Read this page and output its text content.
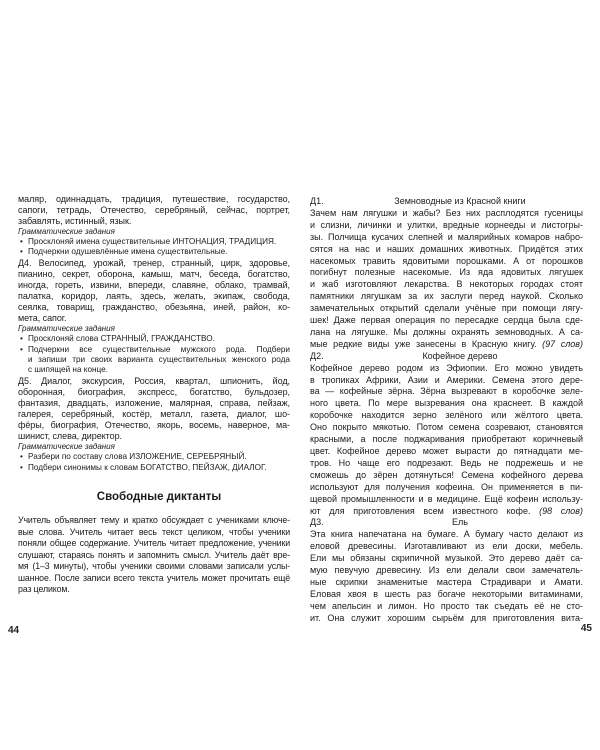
маляр, одиннадцать, традиция, путешествие, государство,
сапоги, тетрадь, Отечество, серебряный, сейчас, портрет,
забавлять, истинный, язык.
Грамматические задания
• Просклоняй имена существительные ИНТОНАЦИЯ, ТРАДИЦИЯ.
• Подчеркни одушевлённые имена существительные.
Д4. Велосипед, урожай, тренер, странный, цирк, здоровье,
пианино, секрет, оборона, камыш, матч, беседа, богатство,
иногда, гореть, извини, впереди, славяне, облако, трамвай,
палатка, коридор, лаять, здесь, желать, экипаж, свобода,
сеялка, товарищ, гражданство, обезьяна, иней, район, ко-
мета, сапог.
Грамматические задания
• Просклоняй слова СТРАННЫЙ, ГРАЖДАНСТВО.
• Подчеркни все существительные мужского рода. Подбери
и запиши три своих варианта существительных женского рода
с шипящей на конце.
Д5. Диалог, экскурсия, Россия, квартал, шпионить, йод,
оборонная, биография, экспресс, богатство, бульдозер,
фантазия, двадцать, изложение, малярная, справа, пейзаж,
галерея, серебряный, костёр, металл, газета, диалог, шо-
фёры, биография, Отечество, якорь, восемь, наверное, ма-
шинист, слева, директор.
Грамматические задания
• Разбери по составу слова ИЗЛОЖЕНИЕ, СЕРЕБРЯНЫЙ.
• Подбери синонимы к словам БОГАТСТВО, ПЕЙЗАЖ, ДИАЛОГ.
Свободные диктанты
Учитель объявляет тему и кратко обсуждает с учениками ключе-
вые слова. Учитель читает весь текст целиком, чтобы ученики
поняли общее содержание. Учитель читает предложение, ученики
слушают, стараясь понять и запомнить смысл. Учитель даёт вре-
мя (1–3 минуты), чтобы ученики своими словами записали услы-
шанное. После записи всего текста учитель может прочитать ещё
раз целиком.
44
Д1.	Земноводные из Красной книги
Зачем нам лягушки и жабы? Без них расплодятся гусеницы
и слизни, личинки и улитки, вредные корнееды и листогры-
зы. Полчища кусачих слепней и малярийных комаров набро-
сятся на нас и наших домашних животных. Придётся этих
насекомых травить ядовитыми порошками. А от порошков
погибнут полезные насекомые. Из яда ядовитых лягушек
и жаб изготовляют лекарства. В некоторых городах стоят
памятники лягушкам за их заслуги перед наукой. Сколько
замечательных открытий сделали учёные при помощи лягу-
шек! Даже первая операция по пересадке сердца была сде-
лана на лягушке. Мы должны охранять земноводных. А са-
мые редкие виды уже занесены в Красную книгу. (97 слов)
Д2.	Кофейное дерево
Кофейное дерево родом из Эфиопии. Его можно увидеть
в тропиках Африки, Азии и Америки. Семена этого дере-
ва — кофейные зёрна. Зёрна вызревают в коробочке зеле-
ного цвета. По мере вызревания она краснеет. В каждой
коробочке находится зерно зелёного или жёлтого цвета.
Оно покрыто мякотью. Потом семена созревают, становятся
красными, а после поджаривания приобретают коричневый
цвет. Кофейное дерево может вырасти до пятнадцати ме-
тров. Но чаще его подрезают. Ведь не подрежешь и не
сможешь до зёрен дотянуться! Семена кофейного дерева
используют для получения кофеина. Он применяется в пи-
щевой промышленности и в медицине. Ещё кофеин использу-
ют для приготовления всем известного кофе. (98 слов)
Д3.	Ель
Эта книга напечатана на бумаге. А бумагу часто делают из
еловой древесины. Изготавливают из ели доски, мебель.
Ели мы обязаны скрипичной музыкой. Это дерево даёт са-
мую певучую древесину. Из ели делали свои замечатель-
ные скрипки знаменитые мастера Страдивари и Амати.
Еловая хвоя в шесть раз богаче некоторыми витаминами,
чем апельсин и лимон. Но просто так съедать её не сто-
ит. Она служит хорошим сырьём для приготовления вита-
45
